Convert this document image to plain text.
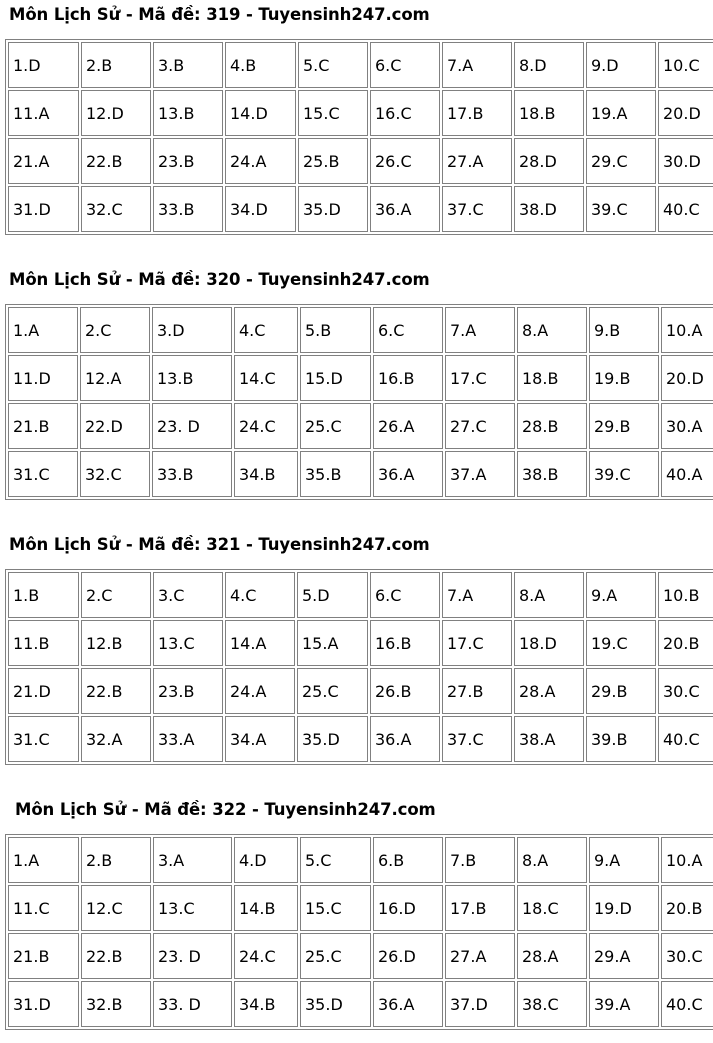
Môn Lịch Sử - Mã đề: 319 - Tuyensinh247.com
1.D	2.B	3.B	4.B	5.C	6.C	7.A	8.D	9.D	10.C
11.A	12.D	13.B	14.D	15.C	16.C	17.B	18.B	19.A	20.D
21.A	22.B	23.B	24.A	25.B	26.C	27.A	28.D	29.C	30.D
31.D	32.C	33.B	34.D	35.D	36.A	37.C	38.D	39.C	40.C
Môn Lịch Sử - Mã đề: 320 - Tuyensinh247.com
1.A	2.C	3.D	4.C	5.B	6.C	7.A	8.A	9.B	10.A
11.D	12.A	13.B	14.C	15.D	16.B	17.C	18.B	19.B	20.D
21.B	22.D	23. D	24.C	25.C	26.A	27.C	28.B	29.B	30.A
31.C	32.C	33.B	34.B	35.B	36.A	37.A	38.B	39.C	40.A
Môn Lịch Sử - Mã đề: 321 - Tuyensinh247.com
1.B	2.C	3.C	4.C	5.D	6.C	7.A	8.A	9.A	10.B
11.B	12.B	13.C	14.A	15.A	16.B	17.C	18.D	19.C	20.B
21.D	22.B	23.B	24.A	25.C	26.B	27.B	28.A	29.B	30.C
31.C	32.A	33.A	34.A	35.D	36.A	37.C	38.A	39.B	40.C
Môn Lịch Sử - Mã đề: 322 - Tuyensinh247.com
1.A	2.B	3.A	4.D	5.C	6.B	7.B	8.A	9.A	10.A
11.C	12.C	13.C	14.B	15.C	16.D	17.B	18.C	19.D	20.B
21.B	22.B	23. D	24.C	25.C	26.D	27.A	28.A	29.A	30.C
31.D	32.B	33. D	34.B	35.D	36.A	37.D	38.C	39.A	40.C
